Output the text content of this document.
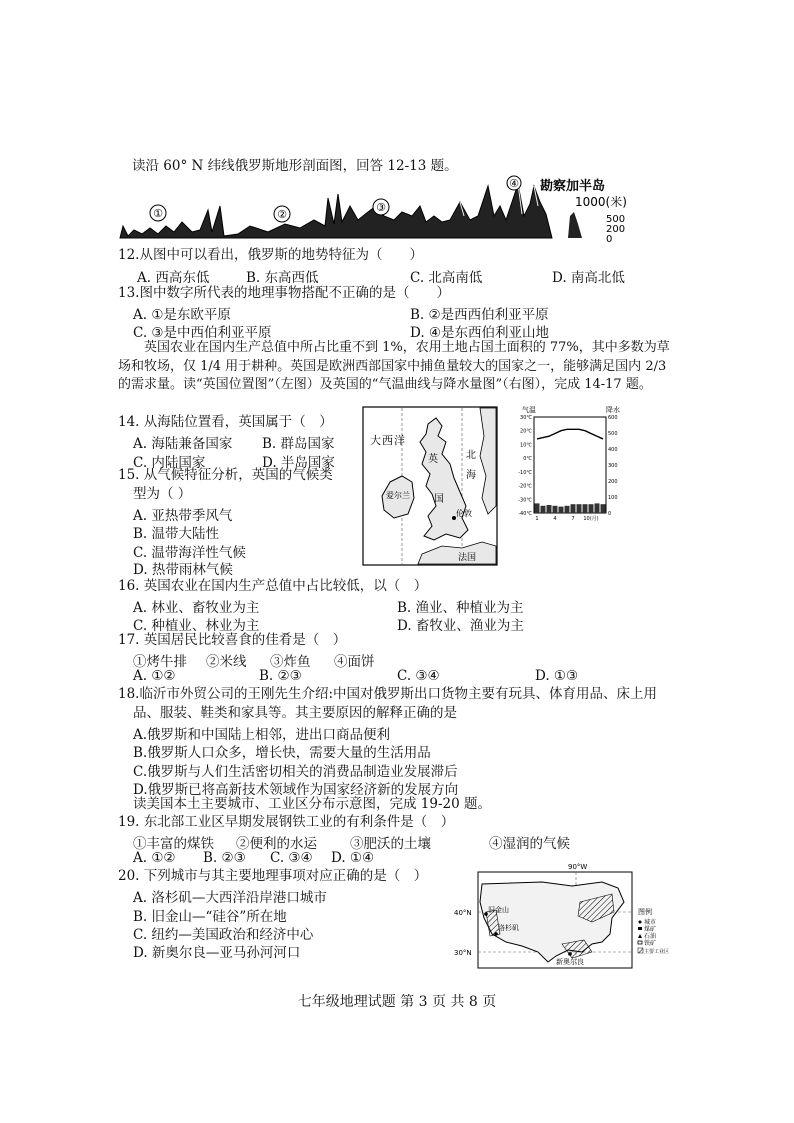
读沿 60° N 纬线俄罗斯地形剖面图，回答 12-13 题。
①	②
③
④ 勘察加半岛
1000(米)
500
200
0
12.从图中可以看出，俄罗斯的地势特征为（　　）
A. 西高东低	B. 东高西低	C. 北高南低	D. 南高北低
13.图中数字所代表的地理事物搭配不正确的是（　　）
A. ①是东欧平原	B. ②是西西伯利亚平原
C. ③是中西伯利亚平原	D. ④是东西伯利亚山地
英国农业在国内生产总值中所占比重不到 1%，农用土地占国土面积的 77%，其中多数为草场和牧场，仅 1/4 用于耕种。英国是欧洲西部国家中捕鱼量较大的国家之一，能够满足国内 2/3 的需求量。读“英国位置图”（左图）及英国的“气温曲线与降水量图”（右图），完成 14-17 题。
14. 从海陆位置看，英国属于（　）
A. 海陆兼备国家 B. 群岛国家
C. 内陆国家	D. 半岛国家
15. 从气候特征分析，英国的气候类
型为（ ）
A. 亚热带季风气
B. 温带大陆性
C. 温带海洋性气候
D. 热带雨林气候
大 西 洋
英
国
爱尔兰
伦敦
北
海
法国
气温	降水
30℃
20℃
10℃
0℃
-10℃
-20℃
-30℃
-40℃
600
500
400
300
200
100
0
1	4	7 10(月)
16. 英国农业在国内生产总值中占比较低，以（　）
A. 林业、畜牧业为主	B. 渔业、种植业为主
C. 种植业、林业为主	D. 畜牧业、渔业为主
17. 英国居民比较喜食的佳肴是（　）
①烤牛排 ②米线 ③炸鱼 ④面饼
A. ①②	B. ②③	C. ③④	D. ①③
18.临沂市外贸公司的王刚先生介绍:中国对俄罗斯出口货物主要有玩具、体育用品、床上用
品、服装、鞋类和家具等。其主要原因的解释正确的是
A.俄罗斯和中国陆上相邻，进出口商品便利
B.俄罗斯人口众多，增长快，需要大量的生活用品
C.俄罗斯与人们生活密切相关的消费品制造业发展滞后
D.俄罗斯已将高新技术领域作为国家经济新的发展方向
读美国本土主要城市、工业区分布示意图，完成 19-20 题。
19. 东北部工业区早期发展钢铁工业的有利条件是（　）
①丰富的煤铁 ②便利的水运 ③肥沃的土壤	④湿润的气候
A. ①② B. ②③ C. ③④ D. ①④
20. 下列城市与其主要地理事项对应正确的是（　）
A. 洛杉矶—大西洋沿岸港口城市
B. 旧金山—“硅谷”所在地
C. 纽约—美国政治和经济中心
D. 新奥尔良—亚马孙河河口
90°W
40°N
30°N
旧金山
洛杉矶
新奥尔良
图例
城市
煤矿
石油
铁矿
主要工业区
七年级地理试题 第 3 页 共 8 页
